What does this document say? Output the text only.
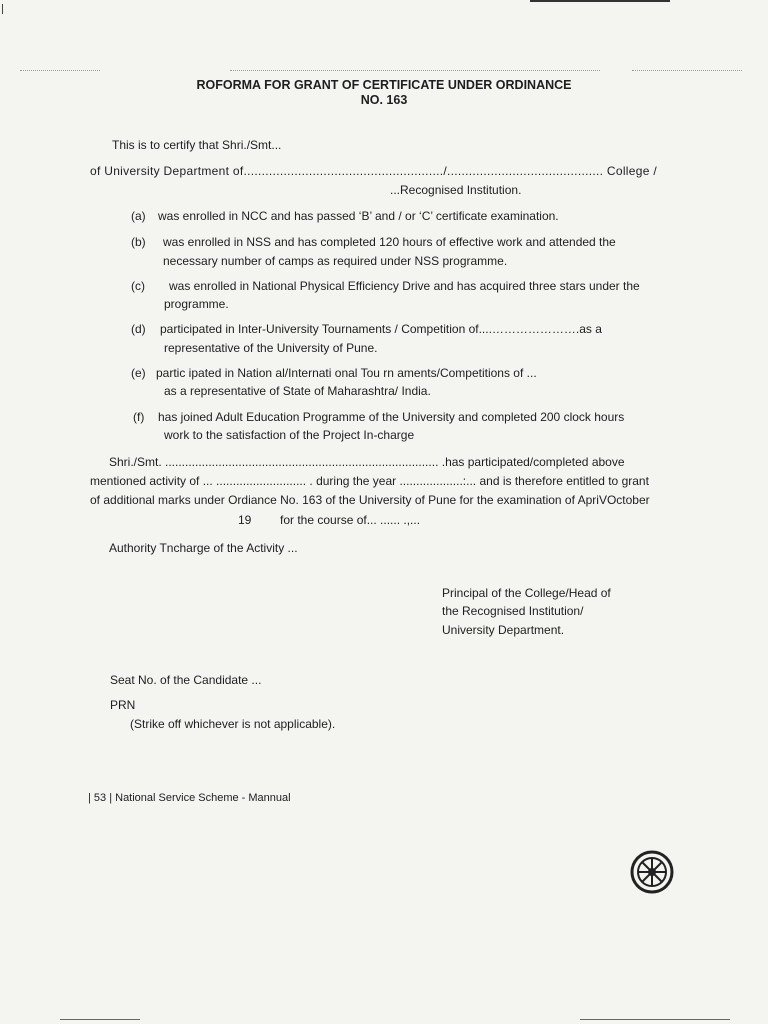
ROFORMA FOR GRANT OF CERTIFICATE UNDER ORDINANCE
NO. 163
This is to certify that Shri./Smt...
of University Department of......................................................./........................................... College /
...Recognised Institution.
(a) was enrolled in NCC and has passed ‘B’ and / or ‘C’ certificate examination.
(b) was enrolled in NSS and has completed 120 hours of effective work and attended the
necessary number of camps as required under NSS programme.
(c) was enrolled in National Physical Efficiency Drive and has acquired three stars under the
programme.
(d) participated in Inter-University Tournaments / Competition of....………………….as a
representative of the University of Pune.
(e) partic ipated in Nation al/Internati onal Tou rn aments/Competitions of ...
as a representative of State of Maharashtra/ India.
(f) has joined Adult Education Programme of the University and completed 200 clock hours
work to the satisfaction of the Project In-charge
Shri./Smt. .................................................................................. .has participated/completed above
mentioned activity of ... ........................... . during the year ...................:... and is therefore entitled to grant
of additional marks under Ordiance No. 163 of the University of Pune for the examination of ApriVOctober
19 for the course of... ...... .,...
Authority Tncharge of the Activity ...
Principal of the College/Head of
the Recognised Institution/
University Department.
Seat No. of the Candidate ...
PRN
(Strike off whichever is not applicable).
| 53 | National Service Scheme - Mannual
